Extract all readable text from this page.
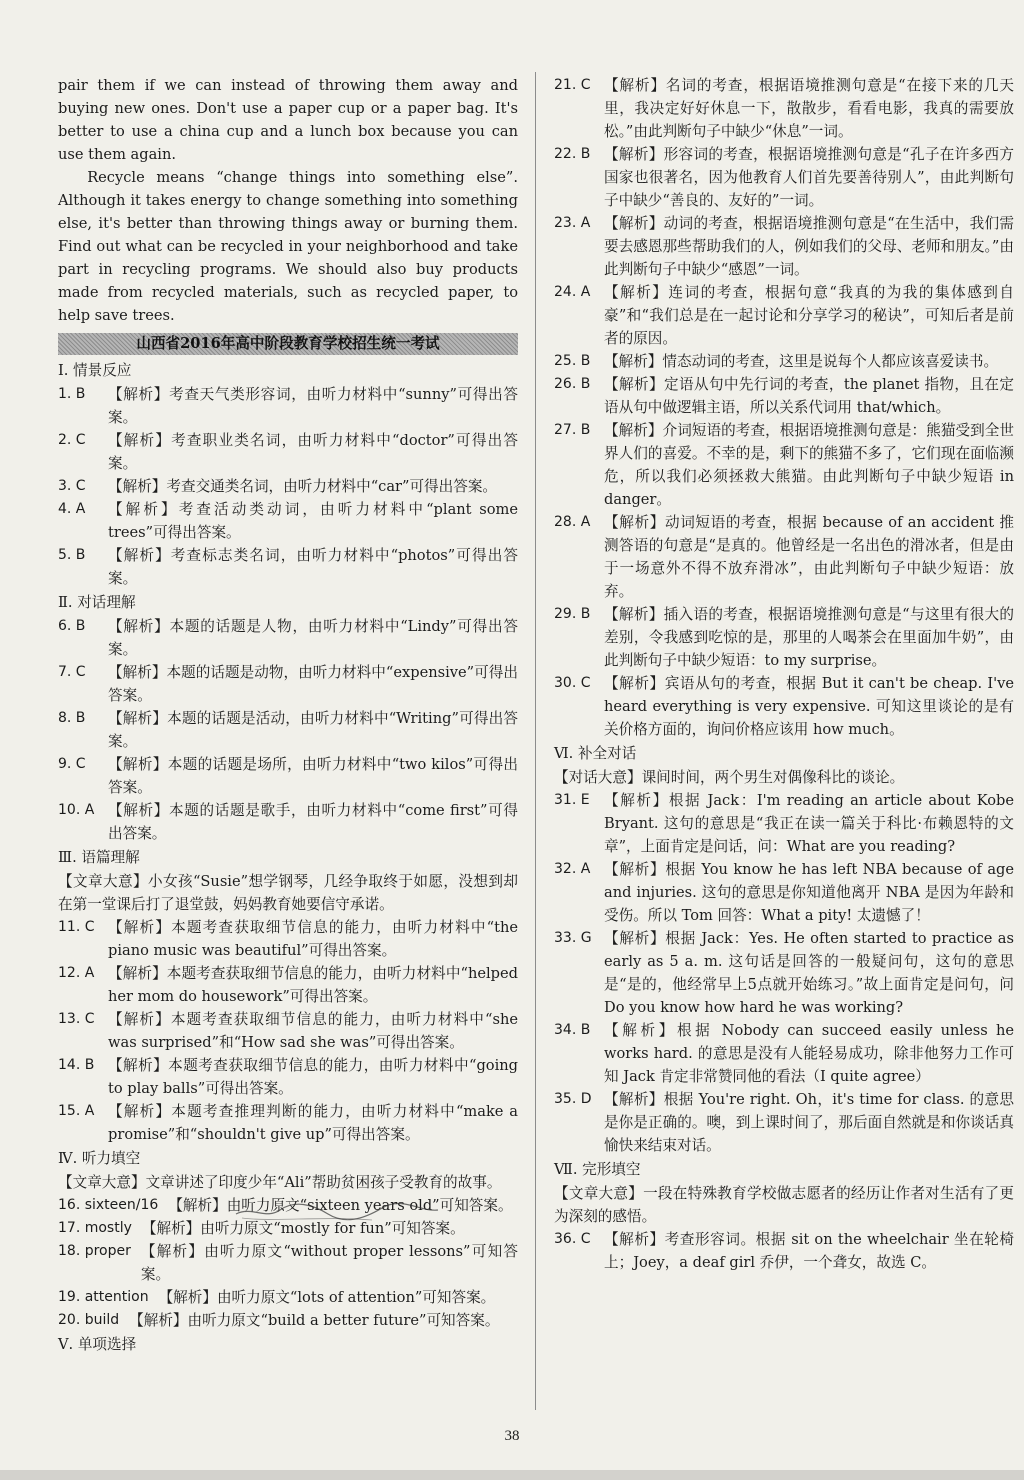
pair them if we can instead of throwing them away and buying new ones. Don't use a paper cup or a paper bag. It's better to use a china cup and a lunch box because you can use them again.

Recycle means “change things into something else”. Although it takes energy to change something into something else, it's better than throwing things away or burning them. Find out what can be recycled in your neighborhood and take part in recycling programs. We should also buy products made from recycled materials, such as recycled paper, to help save trees.

山西省2016年高中阶段教育学校招生统一考试
Ⅰ. 情景反应
1. B	【解析】考查天气类形容词，由听力材料中“sunny”可得出答案。
2. C	【解析】考查职业类名词，由听力材料中“doctor”可得出答案。
3. C	【解析】考查交通类名词，由听力材料中“car”可得出答案。
4. A	【解析】考查活动类动词，由听力材料中“plant some trees”可得出答案。
5. B	【解析】考查标志类名词，由听力材料中“photos”可得出答案。
Ⅱ. 对话理解
6. B	【解析】本题的话题是人物，由听力材料中“Lindy”可得出答案。
7. C	【解析】本题的话题是动物，由听力材料中“expensive”可得出答案。
8. B	【解析】本题的话题是活动，由听力材料中“Writing”可得出答案。
9. C	【解析】本题的话题是场所，由听力材料中“two kilos”可得出答案。
10. A 【解析】本题的话题是歌手，由听力材料中“come first”可得出答案。
Ⅲ. 语篇理解
【文章大意】小女孩“Susie”想学钢琴，几经争取终于如愿，没想到却在第一堂课后打了退堂鼓，妈妈教育她要信守承诺。
11. C 【解析】本题考查获取细节信息的能力，由听力材料中“the piano music was beautiful”可得出答案。
12. A 【解析】本题考查获取细节信息的能力，由听力材料中“helped her mom do housework”可得出答案。
13. C 【解析】本题考查获取细节信息的能力，由听力材料中“she was surprised”和“How sad she was”可得出答案。
14. B 【解析】本题考查获取细节信息的能力，由听力材料中“going to play balls”可得出答案。
15. A 【解析】本题考查推理判断的能力，由听力材料中“make a promise”和“shouldn't give up”可得出答案。
Ⅳ. 听力填空
【文章大意】文章讲述了印度少年“Ali”帮助贫困孩子受教育的故事。
16. sixteen/16 【解析】由听力原文“sixteen years old”可知答案。
17. mostly 【解析】由听力原文“mostly for fun”可知答案。
18. proper 【解析】由听力原文“without proper lessons”可知答案。
19. attention 【解析】由听力原文“lots of attention”可知答案。
20. build 【解析】由听力原文“build a better future”可知答案。
Ⅴ. 单项选择
21. C 【解析】名词的考查，根据语境推测句意是“在接下来的几天里，我决定好好休息一下，散散步，看看电影，我真的需要放松。”由此判断句子中缺少“休息”一词。
22. B 【解析】形容词的考查，根据语境推测句意是“孔子在许多西方国家也很著名，因为他教育人们首先要善待别人”，由此判断句子中缺少“善良的、友好的”一词。
23. A 【解析】动词的考查，根据语境推测句意是“在生活中，我们需要去感恩那些帮助我们的人，例如我们的父母、老师和朋友。”由此判断句子中缺少“感恩”一词。
24. A 【解析】连词的考查，根据句意“我真的为我的集体感到自豪”和“我们总是在一起讨论和分享学习的秘诀”，可知后者是前者的原因。
25. B 【解析】情态动词的考查，这里是说每个人都应该喜爱读书。
26. B 【解析】定语从句中先行词的考查，the planet 指物，且在定语从句中做逻辑主语，所以关系代词用 that/which。
27. B 【解析】介词短语的考查，根据语境推测句意是：熊猫受到全世界人们的喜爱。不幸的是，剩下的熊猫不多了，它们现在面临濒危，所以我们必须拯救大熊猫。由此判断句子中缺少短语 in danger。
28. A 【解析】动词短语的考查，根据 because of an accident 推测答语的句意是“是真的。他曾经是一名出色的滑冰者，但是由于一场意外不得不放弃滑冰”，由此判断句子中缺少短语：放弃。
29. B 【解析】插入语的考查，根据语境推测句意是“与这里有很大的差别，令我感到吃惊的是，那里的人喝茶会在里面加牛奶”，由此判断句子中缺少短语：to my surprise。
30. C 【解析】宾语从句的考查，根据 But it can't be cheap. I've heard everything is very expensive. 可知这里谈论的是有关价格方面的，询问价格应该用 how much。
Ⅵ. 补全对话
【对话大意】课间时间，两个男生对偶像科比的谈论。
31. E 【解析】根据 Jack：I'm reading an article about Kobe Bryant. 这句的意思是“我正在读一篇关于科比·布赖恩特的文章”，上面肯定是问话，问：What are you reading?
32. A 【解析】根据 You know he has left NBA because of age and injuries. 这句的意思是你知道他离开 NBA 是因为年龄和受伤。所以 Tom 回答：What a pity! 太遗憾了！
33. G 【解析】根据 Jack：Yes. He often started to practice as early as 5 a. m. 这句话是回答的一般疑问句，这句的意思是“是的，他经常早上5点就开始练习。”故上面肯定是问句，问 Do you know how hard he was working?
34. B 【解析】根据 Nobody can succeed easily unless he works hard. 的意思是没有人能轻易成功，除非他努力工作可知 Jack 肯定非常赞同他的看法（I quite agree）
35. D 【解析】根据 You're right. Oh，it's time for class. 的意思是你是正确的。噢，到上课时间了，那后面自然就是和你谈话真愉快来结束对话。
Ⅶ. 完形填空
【文章大意】一段在特殊教育学校做志愿者的经历让作者对生活有了更为深刻的感悟。
36. C 【解析】考查形容词。根据 sit on the wheelchair 坐在轮椅上；Joey，a deaf girl 乔伊，一个聋女，故选 C。
38
